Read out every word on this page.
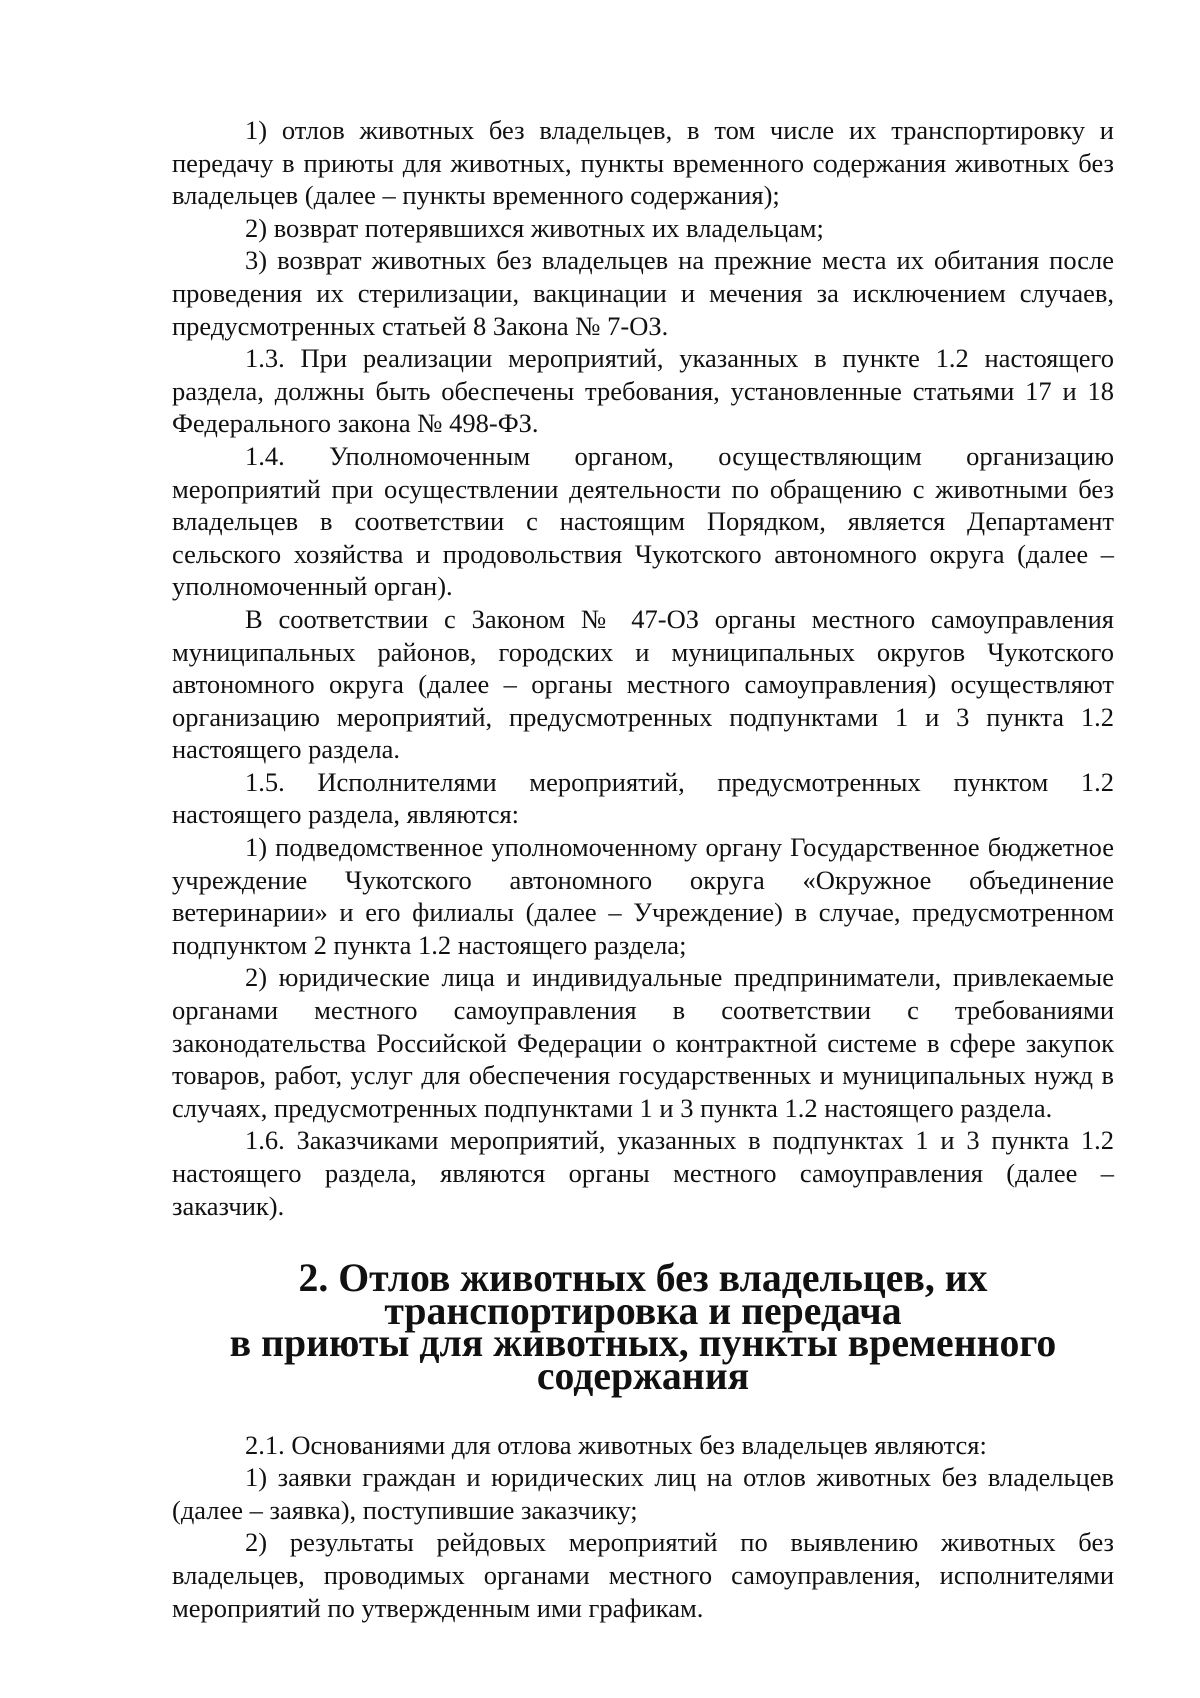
1) отлов животных без владельцев, в том числе их транспортировку и передачу в приюты для животных, пункты временного содержания животных без владельцев (далее – пункты временного содержания);

2) возврат потерявшихся животных их владельцам;

3) возврат животных без владельцев на прежние места их обитания после проведения их стерилизации, вакцинации и мечения за исключением случаев, предусмотренных статьей 8 Закона № 7-ОЗ.

1.3. При реализации мероприятий, указанных в пункте 1.2 настоящего раздела, должны быть обеспечены требования, установленные статьями 17 и 18 Федерального закона № 498-ФЗ.

1.4. Уполномоченным органом, осуществляющим организацию мероприятий при осуществлении деятельности по обращению с животными без владельцев в соответствии с настоящим Порядком, является Департамент сельского хозяйства и продовольствия Чукотского автономного округа (далее – уполномоченный орган).

В соответствии с Законом № 47-ОЗ органы местного самоуправления муниципальных районов, городских и муниципальных округов Чукотского автономного округа (далее – органы местного самоуправления) осуществляют организацию мероприятий, предусмотренных подпунктами 1 и 3 пункта 1.2 настоящего раздела.

1.5. Исполнителями мероприятий, предусмотренных пунктом 1.2 настоящего раздела, являются:

1) подведомственное уполномоченному органу Государственное бюджетное учреждение Чукотского автономного округа «Окружное объединение ветеринарии» и его филиалы (далее – Учреждение) в случае, предусмотренном подпунктом 2 пункта 1.2 настоящего раздела;

2) юридические лица и индивидуальные предприниматели, привлекаемые органами местного самоуправления в соответствии с требованиями законодательства Российской Федерации о контрактной системе в сфере закупок товаров, работ, услуг для обеспечения государственных и муниципальных нужд в случаях, предусмотренных подпунктами 1 и 3 пункта 1.2 настоящего раздела.

1.6. Заказчиками мероприятий, указанных в подпунктах 1 и 3 пункта 1.2 настоящего раздела, являются органы местного самоуправления (далее – заказчик).

2. Отлов животных без владельцев, их транспортировка и передача
в приюты для животных, пункты временного содержания

2.1. Основаниями для отлова животных без владельцев являются:

1) заявки граждан и юридических лиц на отлов животных без владельцев (далее – заявка), поступившие заказчику;

2) результаты рейдовых мероприятий по выявлению животных без владельцев, проводимых органами местного самоуправления, исполнителями мероприятий по утвержденным ими графикам.
